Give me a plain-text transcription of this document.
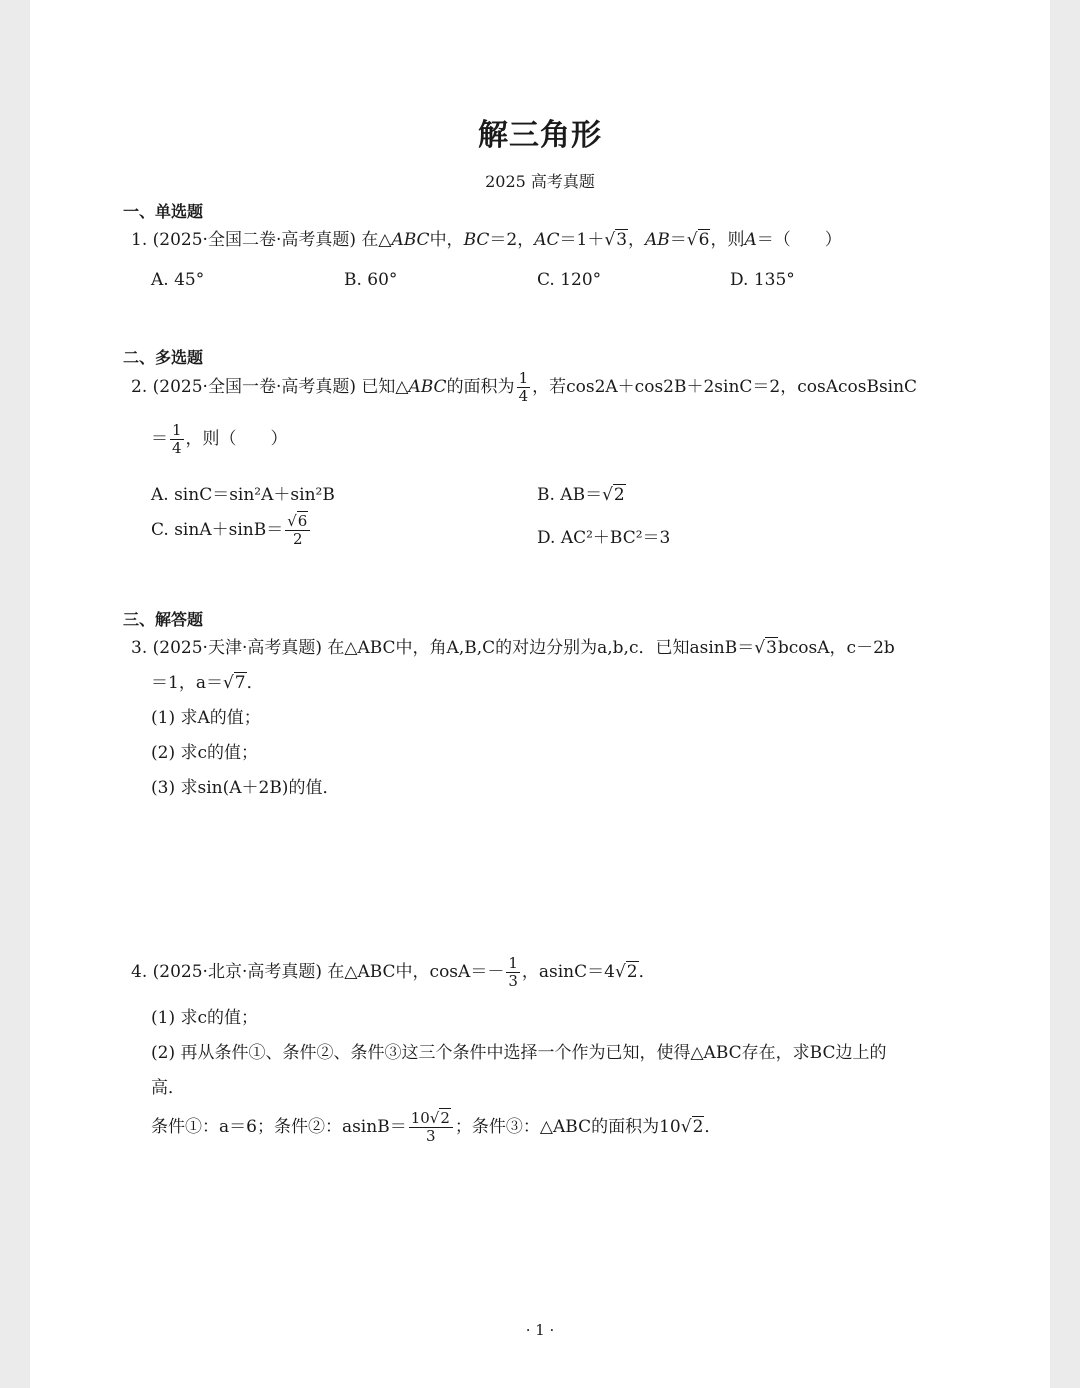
解三角形
2025 高考真题
一、单选题
1. (2025·全国二卷·高考真题) 在△ABC中，BC＝2，AC＝1＋√3，AB＝√6，则A＝（　　）
A. 45°	B. 60°	C. 120°	D. 135°
二、多选题
2. (2025·全国一卷·高考真题) 已知△ABC的面积为 $\frac{1}{4}$ ，若cos2A＋cos2B＋2sinC＝2，cosAcosBsinC
＝ $\frac{1}{4}$ ，则（　　）
A. sinC＝sin²A＋sin²B	B. AB＝√2
C. $\sin A+\sin B= \frac{√6}{2}$	D. AC²＋BC²＝3
三、解答题
3. (2025·天津·高考真题) 在△ABC中，角A,B,C的对边分别为a,b,c．已知asinB＝√3bcosA，c－2b
＝1，a＝√7．
(1) 求A的值；
(2) 求c的值；
(3) 求sin(A＋2B)的值．
4. (2025·北京·高考真题) 在△ABC中，$\cos A=- \frac{1}{3}$ ，asinC＝4√2．
(1) 求c的值；
(2) 再从条件①、条件②、条件③这三个条件中选择一个作为已知，使得△ABC存在，求BC边上的
高．
条件①：a＝6；条件②：$asinB= \frac{10√2}{3}$ ；条件③：△ABC的面积为10√2．
· 1 ·
